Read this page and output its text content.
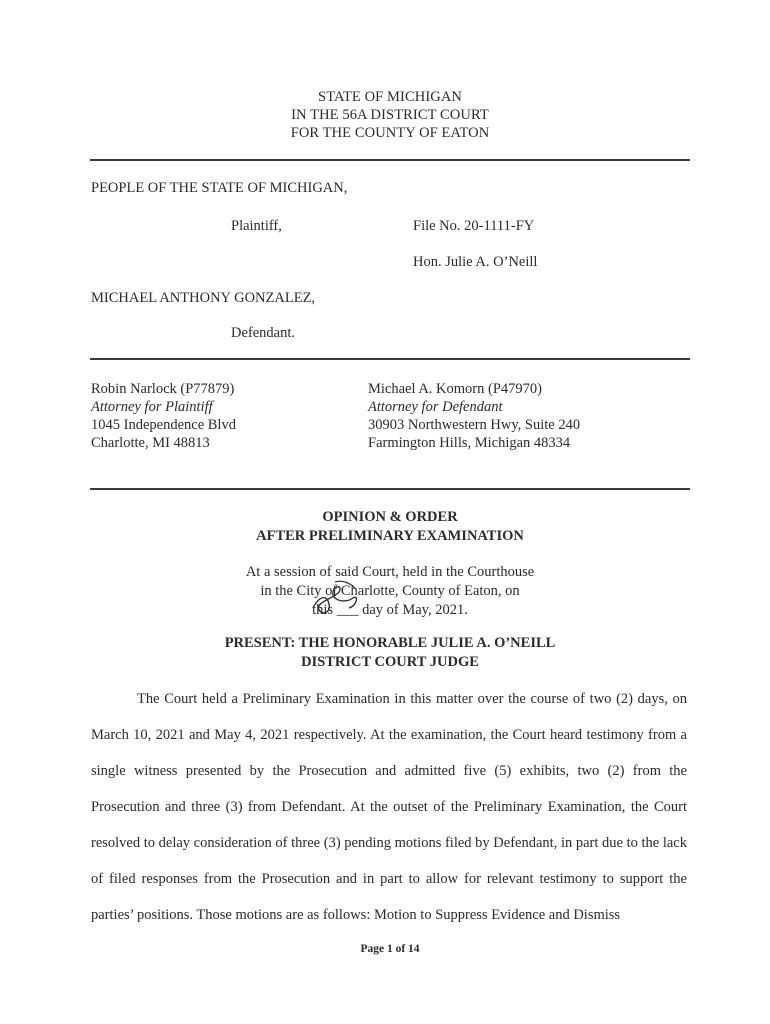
STATE OF MICHIGAN
IN THE 56A DISTRICT COURT
FOR THE COUNTY OF EATON
PEOPLE OF THE STATE OF MICHIGAN,
Plaintiff,	File No. 20-1111-FY
Hon. Julie A. O’Neill
MICHAEL ANTHONY GONZALEZ,
Defendant.
Robin Narlock (P77879)
Attorney for Plaintiff
1045 Independence Blvd
Charlotte, MI 48813
Michael A. Komorn (P47970)
Attorney for Defendant
30903 Northwestern Hwy, Suite 240
Farmington Hills, Michigan 48334
OPINION & ORDER
AFTER PRELIMINARY EXAMINATION
At a session of said Court, held in the Courthouse
in the City of Charlotte, County of Eaton, on
this ___ day of May, 2021.
PRESENT: THE HONORABLE JULIE A. O’NEILL
DISTRICT COURT JUDGE

The Court held a Preliminary Examination in this matter over the course of two (2) days, on March 10, 2021 and May 4, 2021 respectively. At the examination, the Court heard testimony from a single witness presented by the Prosecution and admitted five (5) exhibits, two (2) from the Prosecution and three (3) from Defendant. At the outset of the Preliminary Examination, the Court resolved to delay consideration of three (3) pending motions filed by Defendant, in part due to the lack of filed responses from the Prosecution and in part to allow for relevant testimony to support the parties’ positions. Those motions are as follows: Motion to Suppress Evidence and Dismiss

Page 1 of 14
